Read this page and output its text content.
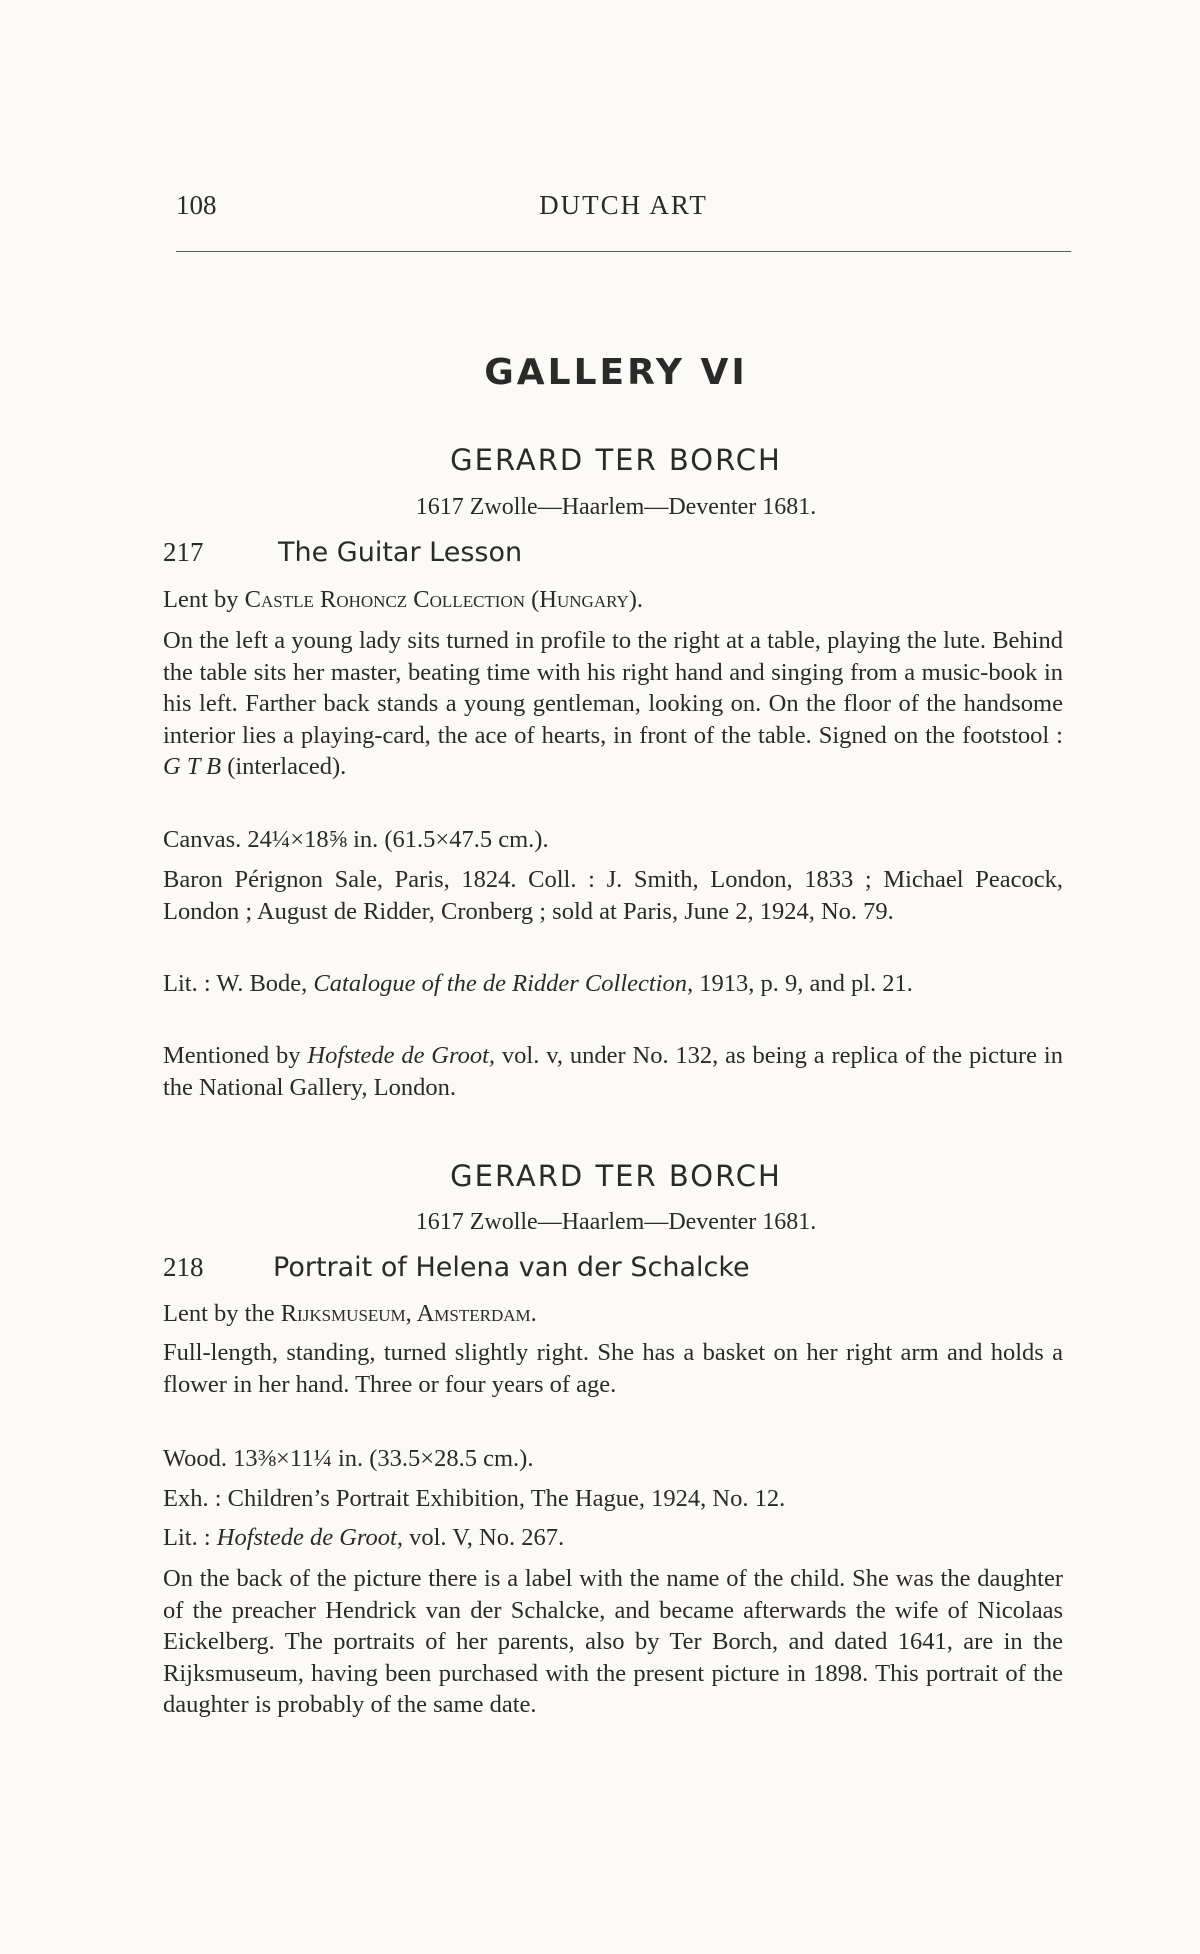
108	DUTCH ART
GALLERY VI
GERARD TER BORCH
1617 Zwolle—Haarlem—Deventer 1681.
217	The Guitar Lesson
Lent by Castle Rohoncz Collection (Hungary).
On the left a young lady sits turned in profile to the right at a table, playing the lute. Behind the table sits her master, beating time with his right hand and singing from a music-book in his left. Farther back stands a young gentleman, looking on. On the floor of the handsome interior lies a playing-card, the ace of hearts, in front of the table. Signed on the footstool : G T B (interlaced).
Canvas. 24¼×18⅝ in. (61.5×47.5 cm.).
Baron Pérignon Sale, Paris, 1824. Coll. : J. Smith, London, 1833 ; Michael Peacock, London ; August de Ridder, Cronberg ; sold at Paris, June 2, 1924, No. 79.
Lit. : W. Bode, Catalogue of the de Ridder Collection, 1913, p. 9, and pl. 21.
Mentioned by Hofstede de Groot, vol. v, under No. 132, as being a replica of the picture in the National Gallery, London.
GERARD TER BORCH
1617 Zwolle—Haarlem—Deventer 1681.
218	Portrait of Helena van der Schalcke
Lent by the Rijksmuseum, Amsterdam.
Full-length, standing, turned slightly right. She has a basket on her right arm and holds a flower in her hand. Three or four years of age.
Wood. 13⅜×11¼ in. (33.5×28.5 cm.).
Exh. : Children’s Portrait Exhibition, The Hague, 1924, No. 12.
Lit. : Hofstede de Groot, vol. V, No. 267.
On the back of the picture there is a label with the name of the child. She was the daughter of the preacher Hendrick van der Schalcke, and became afterwards the wife of Nicolaas Eickelberg. The portraits of her parents, also by Ter Borch, and dated 1641, are in the Rijksmuseum, having been purchased with the present picture in 1898. This portrait of the daughter is probably of the same date.
